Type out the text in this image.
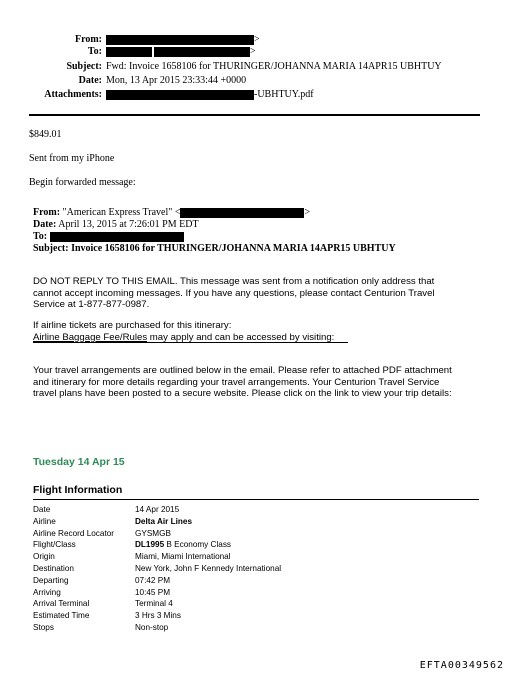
From:	>
To:	>
Subject: Fwd: Invoice 1658106 for THURINGER/JOHANNA MARIA 14APR15 UBHTUY
Date: Mon, 13 Apr 2015 23:33:44 +0000
Attachments:	-UBHTUY.pdf
$849.01
Sent from my iPhone
Begin forwarded message:
From: "American Express Travel" <	>
Date: April 13, 2015 at 7:26:01 PM EDT
To:
Subject: Invoice 1658106 for THURINGER/JOHANNA MARIA 14APR15 UBHTUY
DO NOT REPLY TO THIS EMAIL. This message was sent from a notification only address that
cannot accept incoming messages. If you have any questions, please contact Centurion Travel
Service at 1-877-877-0987.
If airline tickets are purchased for this itinerary:
Airline Baggage Fee/Rules may apply and can be accessed by visiting:
Your travel arrangements are outlined below in the email. Please refer to attached PDF attachment
and itinerary for more details regarding your travel arrangements. Your Centurion Travel Service
travel plans have been posted to a secure website. Please click on the link to view your trip details:
Tuesday 14 Apr 15
Flight Information
Date	14 Apr 2015
Airline	Delta Air Lines
Airline Record Locator	GYSMGB
Flight/Class	DL1995 B Economy Class
Origin	Miami, Miami International
Destination	New York, John F Kennedy International
Departing	07:42 PM
Arriving	10:45 PM
Arrival Terminal	Terminal 4
Estimated Time	3 Hrs 3 Mins
Stops	Non-stop
EFTA00349562
